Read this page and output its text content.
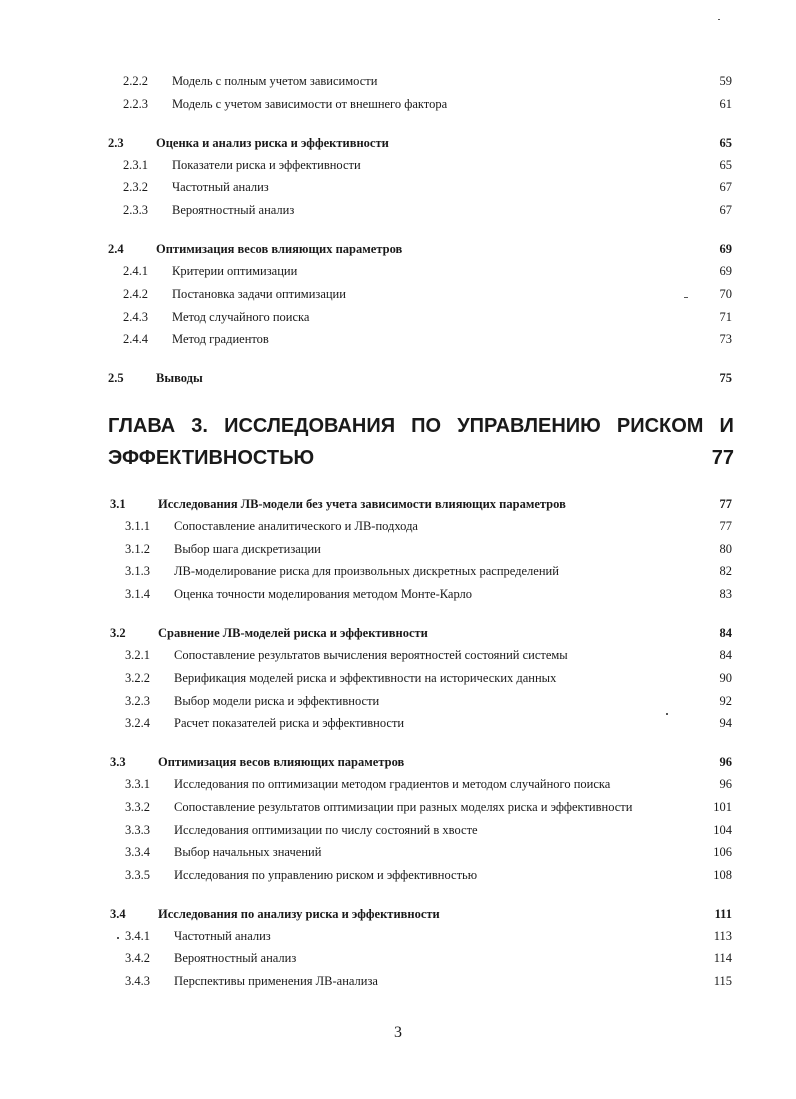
2.2.2 Модель с полным учетом зависимости	59
2.2.3 Модель с учетом зависимости от внешнего фактора	61
2.3	Оценка и анализ риска и эффективности	65
2.3.1 Показатели риска и эффективности	65
2.3.2 Частотный анализ	67
2.3.3 Вероятностный анализ	67
2.4	Оптимизация весов влияющих параметров	69
2.4.1 Критерии оптимизации	69
2.4.2 Постановка задачи оптимизации	70
2.4.3 Метод случайного поиска	71
2.4.4 Метод градиентов	73
2.5	Выводы	75
ГЛАВА 3. ИССЛЕДОВАНИЯ ПО УПРАВЛЕНИЮ РИСКОМ И
ЭФФЕКТИВНОСТЬЮ	77
3.1	Исследования ЛВ-модели без учета зависимости влияющих параметров	77
3.1.1 Сопоставление аналитического и ЛВ-подхода	77
3.1.2 Выбор шага дискретизации	80
3.1.3 ЛВ-моделирование риска для произвольных дискретных распределений	82
3.1.4 Оценка точности моделирования методом Монте-Карло	83
3.2	Сравнение ЛВ-моделей риска и эффективности	84
3.2.1 Сопоставление результатов вычисления вероятностей состояний системы	84
3.2.2 Верификация моделей риска и эффективности на исторических данных	90
3.2.3 Выбор модели риска и эффективности	92
3.2.4 Расчет показателей риска и эффективности	94
3.3	Оптимизация весов влияющих параметров	96
3.3.1 Исследования по оптимизации методом градиентов и методом случайного поиска	96
3.3.2 Сопоставление результатов оптимизации при разных моделях риска и эффективности	101
3.3.3 Исследования оптимизации по числу состояний в хвосте	104
3.3.4 Выбор начальных значений	106
3.3.5 Исследования по управлению риском и эффективностью	108
3.4	Исследования по анализу риска и эффективности	111
3.4.1 Частотный анализ	113
3.4.2 Вероятностный анализ	114
3.4.3 Перспективы применения ЛВ-анализа	115
3
